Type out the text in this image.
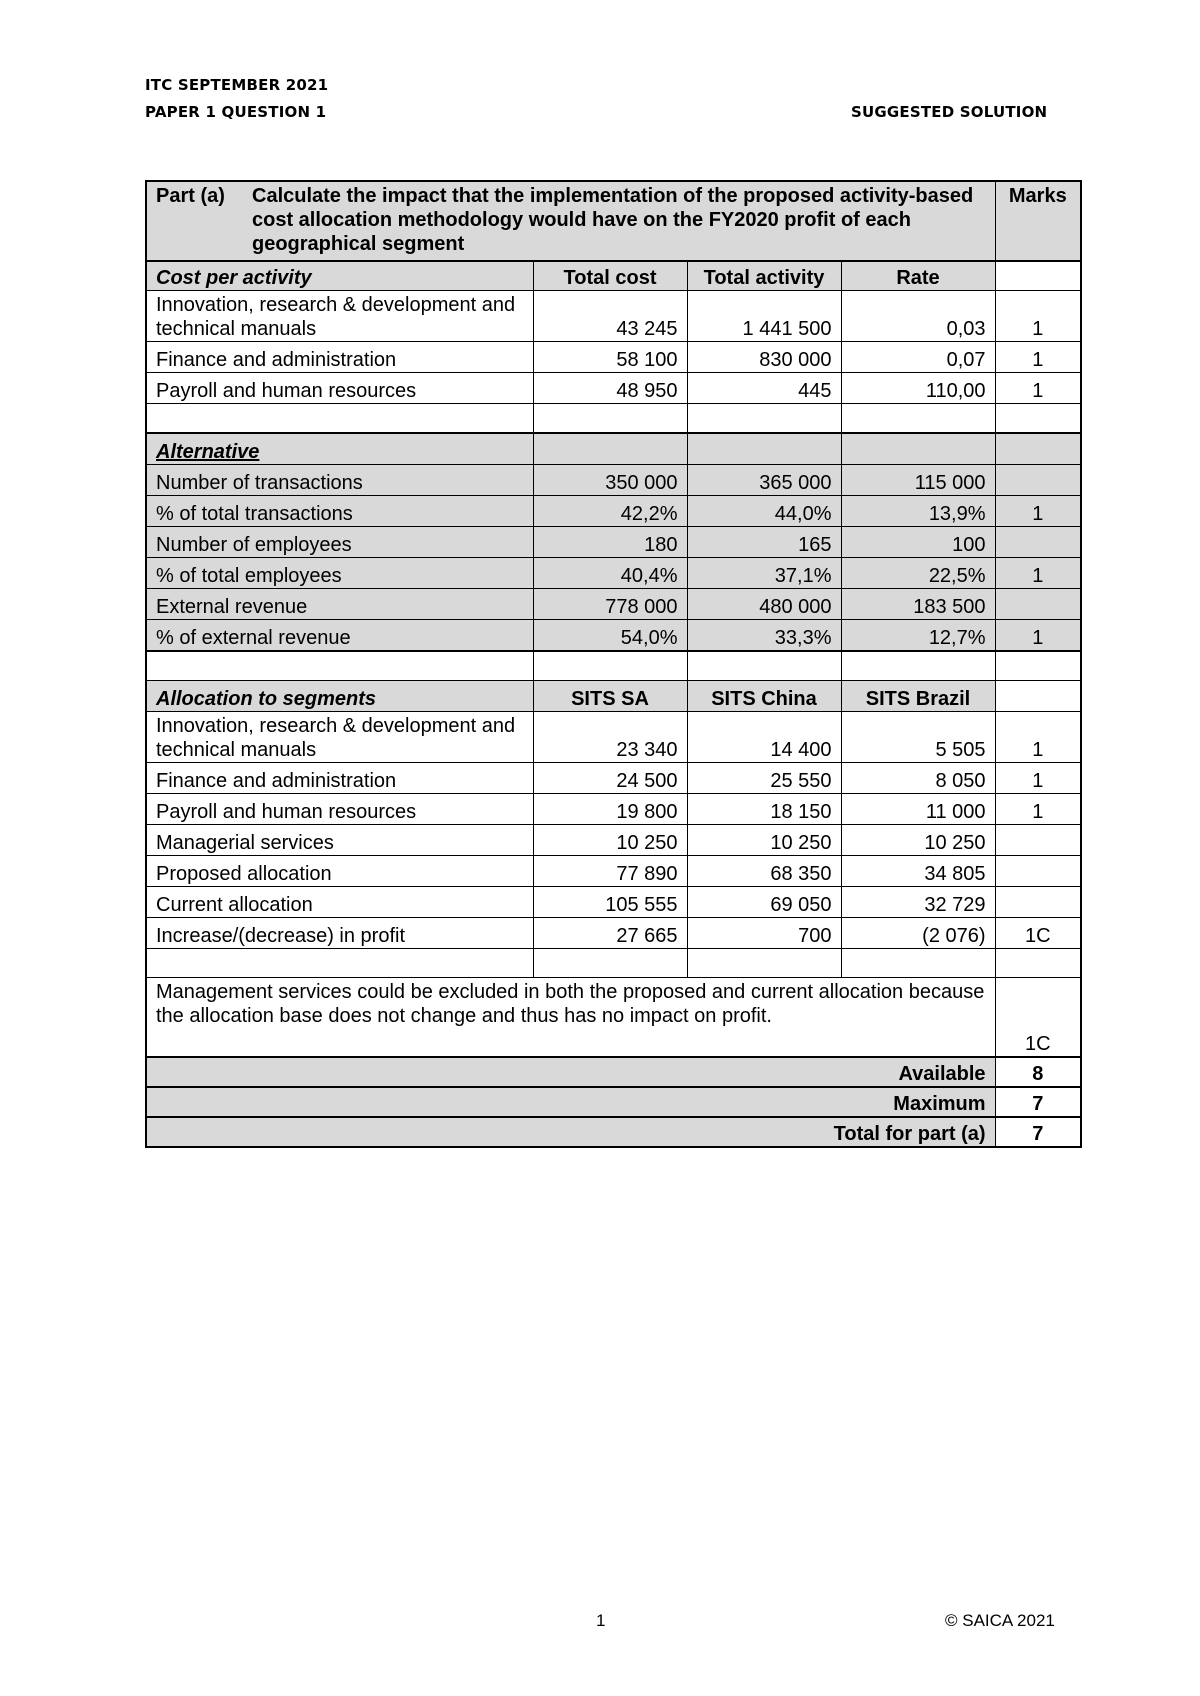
ITC SEPTEMBER 2021
PAPER 1 QUESTION 1	SUGGESTED SOLUTION
Part (a) Calculate the impact that the implementation of the proposed activity-based cost allocation methodology would have on the FY2020 profit of each geographical segment				Marks
Cost per activity	Total cost	Total activity	Rate	
Innovation, research & development and technical manuals	43 245	1 441 500	0,03	1
Finance and administration	58 100	830 000	0,07	1
Payroll and human resources	48 950	445	110,00	1

Alternative				
Number of transactions	350 000	365 000	115 000	
% of total transactions	42,2%	44,0%	13,9%	1
Number of employees	180	165	100	
% of total employees	40,4%	37,1%	22,5%	1
External revenue	778 000	480 000	183 500	
% of external revenue	54,0%	33,3%	12,7%	1

Allocation to segments	SITS SA	SITS China	SITS Brazil	
Innovation, research & development and technical manuals	23 340	14 400	5 505	1
Finance and administration	24 500	25 550	8 050	1
Payroll and human resources	19 800	18 150	11 000	1
Managerial services	10 250	10 250	10 250	
Proposed allocation	77 890	68 350	34 805	
Current allocation	105 555	69 050	32 729	
Increase/(decrease) in profit	27 665	700	(2 076)	1C

Management services could be excluded in both the proposed and current allocation because the allocation base does not change and thus has no impact on profit.				1C
Available				8
Maximum				7
Total for part (a)				7
1	© SAICA 2021
